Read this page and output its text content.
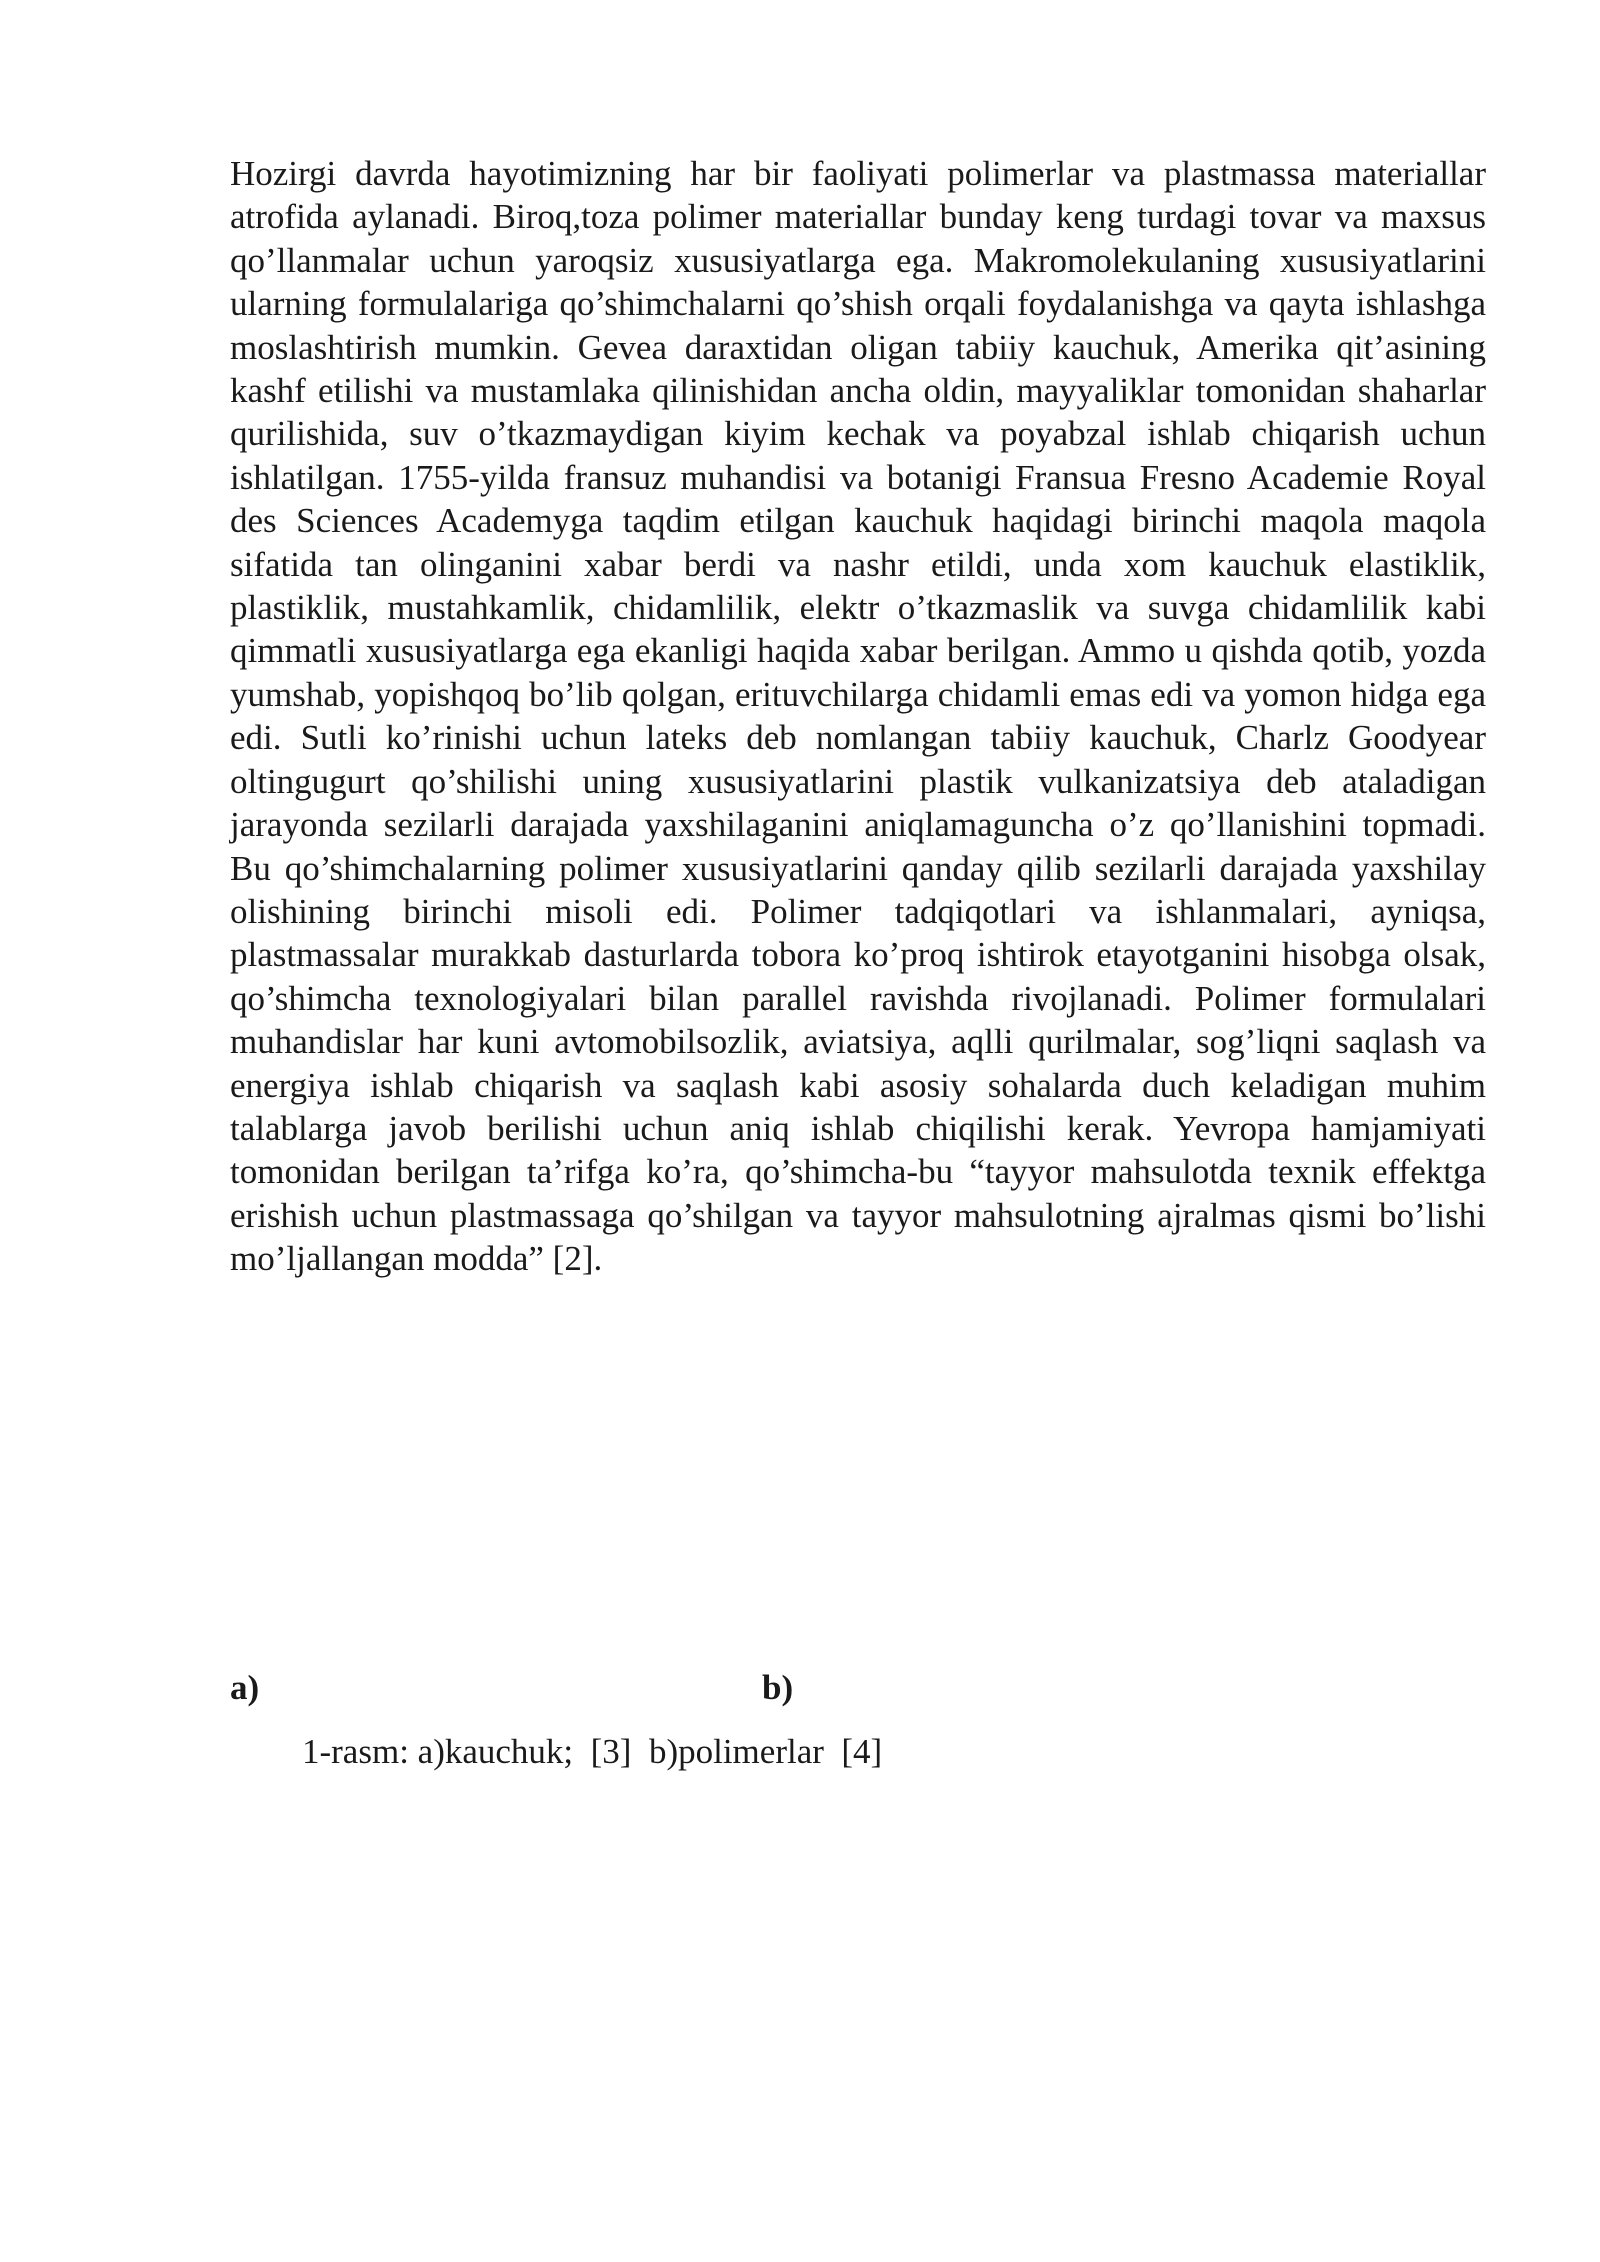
Hozirgi davrda hayotimizning har bir faoliyati polimerlar va plastmassa materiallar atrofida aylanadi. Biroq,toza polimer materiallar bunday keng turdagi tovar va maxsus qo’llanmalar uchun yaroqsiz xususiyatlarga ega. Makromolekulaning xususiyatlarini ularning formulalariga qo’shimchalarni qo’shish orqali foydalanishga va qayta ishlashga moslashtirish mumkin. Gevea daraxtidan oligan tabiiy kauchuk, Amerika qit’asining kashf etilishi va mustamlaka qilinishidan ancha oldin, mayyaliklar tomonidan shaharlar qurilishida, suv o’tkazmaydigan kiyim kechak va poyabzal ishlab chiqarish uchun ishlatilgan. 1755-yilda fransuz muhandisi va botanigi Fransua Fresno Academie Royal des Sciences Academyga taqdim etilgan kauchuk haqidagi birinchi maqola maqola sifatida tan olinganini xabar berdi va nashr etildi, unda xom kauchuk elastiklik, plastiklik, mustahkamlik, chidamlilik, elektr o’tkazmaslik va suvga chidamlilik kabi qimmatli xususiyatlarga ega ekanligi haqida xabar berilgan. Ammo u qishda qotib, yozda yumshab, yopishqoq bo’lib qolgan, erituvchilarga chidamli emas edi va yomon hidga ega edi. Sutli ko’rinishi uchun lateks deb nomlangan tabiiy kauchuk, Charlz Goodyear oltingugurt qo’shilishi uning xususiyatlarini plastik vulkanizatsiya deb ataladigan jarayonda sezilarli darajada yaxshilaganini aniqlamaguncha o’z qo’llanishini topmadi. Bu qo’shimchalarning polimer xususiyatlarini qanday qilib sezilarli darajada yaxshilay olishining birinchi misoli edi. Polimer tadqiqotlari va ishlanmalari, ayniqsa, plastmassalar murakkab dasturlarda tobora ko’proq ishtirok etayotganini hisobga olsak, qo’shimcha texnologiyalari bilan parallel ravishda rivojlanadi. Polimer formulalari muhandislar har kuni avtomobilsozlik, aviatsiya, aqlli qurilmalar, sog’liqni saqlash va energiya ishlab chiqarish va saqlash kabi asosiy sohalarda duch keladigan muhim talablarga javob berilishi uchun aniq ishlab chiqilishi kerak. Yevropa hamjamiyati tomonidan berilgan ta’rifga ko’ra, qo’shimcha-bu “tayyor mahsulotda texnik effektga erishish uchun plastmassaga qo’shilgan va tayyor mahsulotning ajralmas qismi bo’lishi mo’ljallangan modda” [2].

a)	b)

1-rasm: a)kauchuk;  [3]  b)polimerlar  [4]
